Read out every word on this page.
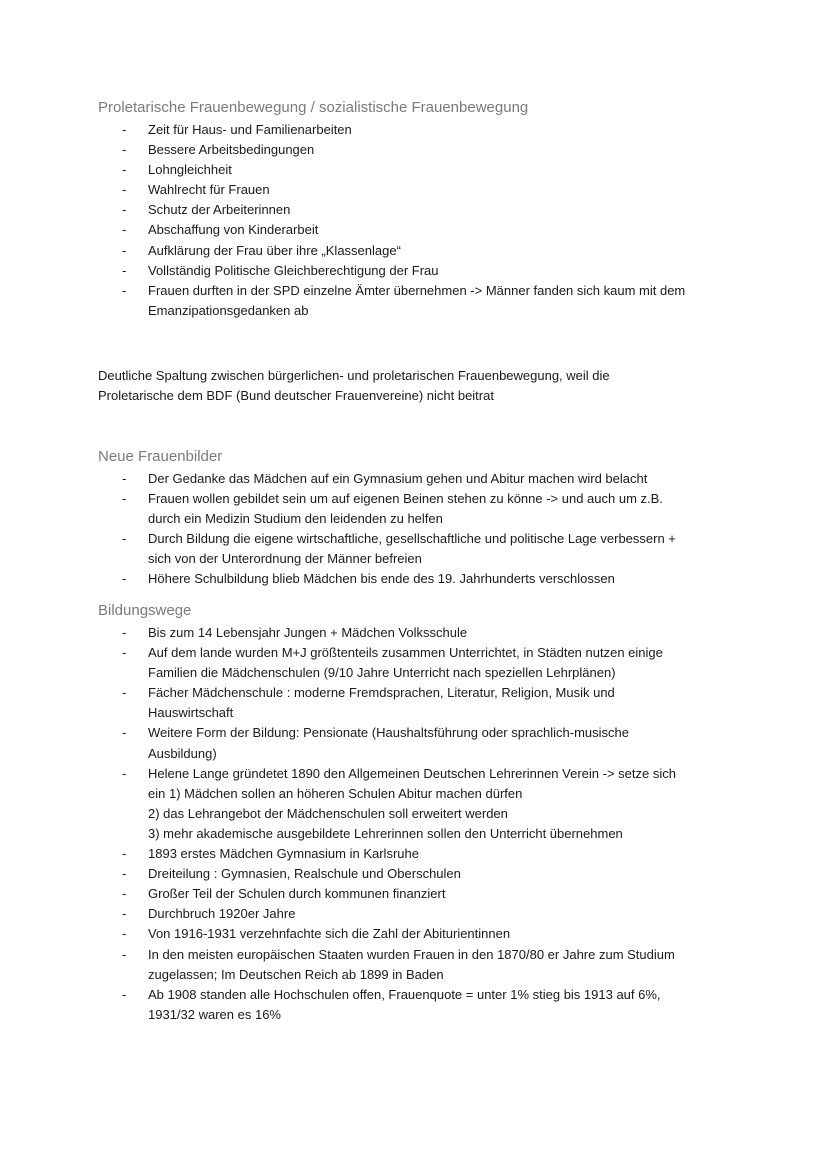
Proletarische Frauenbewegung / sozialistische Frauenbewegung
- Zeit für Haus- und Familienarbeiten
- Bessere Arbeitsbedingungen
- Lohngleichheit
- Wahlrecht für Frauen
- Schutz der Arbeiterinnen
- Abschaffung von Kinderarbeit
- Aufklärung der Frau über ihre „Klassenlage“
- Vollständig Politische Gleichberechtigung der Frau
- Frauen durften in der SPD einzelne Ämter übernehmen -> Männer fanden sich kaum mit dem
Emanzipationsgedanken ab

Deutliche Spaltung zwischen bürgerlichen- und proletarischen Frauenbewegung, weil die
Proletarische dem BDF (Bund deutscher Frauenvereine) nicht beitrat

Neue Frauenbilder
- Der Gedanke das Mädchen auf ein Gymnasium gehen und Abitur machen wird belacht
- Frauen wollen gebildet sein um auf eigenen Beinen stehen zu könne -> und auch um z.B.
durch ein Medizin Studium den leidenden zu helfen
- Durch Bildung die eigene wirtschaftliche, gesellschaftliche und politische Lage verbessern +
sich von der Unterordnung der Männer befreien
- Höhere Schulbildung blieb Mädchen bis ende des 19. Jahrhunderts verschlossen
Bildungswege
- Bis zum 14 Lebensjahr Jungen + Mädchen Volksschule
- Auf dem lande wurden M+J größtenteils zusammen Unterrichtet, in Städten nutzen einige
Familien die Mädchenschulen (9/10 Jahre Unterricht nach speziellen Lehrplänen)
- Fächer Mädchenschule : moderne Fremdsprachen, Literatur, Religion, Musik und
Hauswirtschaft
- Weitere Form der Bildung: Pensionate (Haushaltsführung oder sprachlich-musische
Ausbildung)
- Helene Lange gründetet 1890 den Allgemeinen Deutschen Lehrerinnen Verein -> setze sich
ein 1) Mädchen sollen an höheren Schulen Abitur machen dürfen
2) das Lehrangebot der Mädchenschulen soll erweitert werden
3) mehr akademische ausgebildete Lehrerinnen sollen den Unterricht übernehmen
- 1893 erstes Mädchen Gymnasium in Karlsruhe
- Dreiteilung : Gymnasien, Realschule und Oberschulen
- Großer Teil der Schulen durch kommunen finanziert
- Durchbruch 1920er Jahre
- Von 1916-1931 verzehnfachte sich die Zahl der Abiturientinnen
- In den meisten europäischen Staaten wurden Frauen in den 1870/80 er Jahre zum Studium
zugelassen; Im Deutschen Reich ab 1899 in Baden
- Ab 1908 standen alle Hochschulen offen, Frauenquote = unter 1% stieg bis 1913 auf 6%,
1931/32 waren es 16%
